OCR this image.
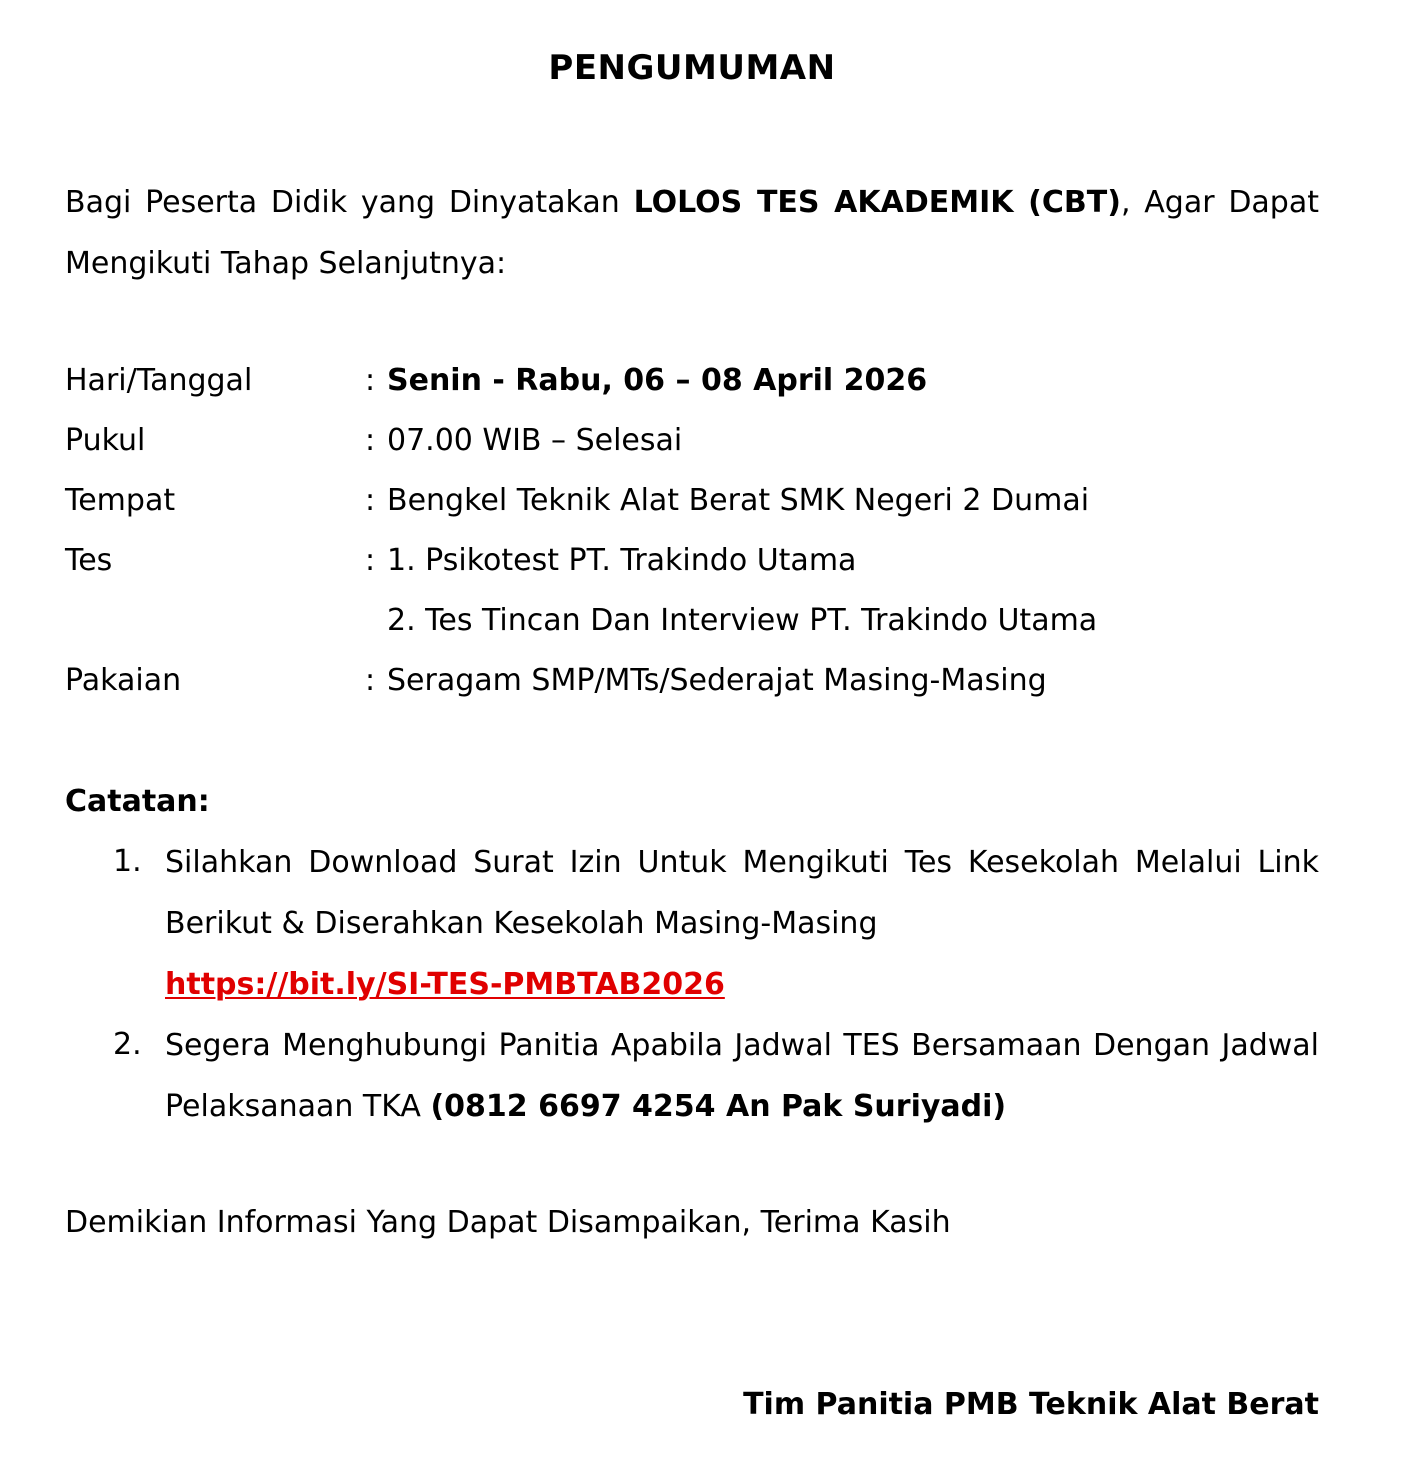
PENGUMUMAN
Bagi Peserta Didik yang Dinyatakan LOLOS TES AKADEMIK (CBT), Agar Dapat
Mengikuti Tahap Selanjutnya:
Hari/Tanggal	: Senin - Rabu, 06 – 08 April 2026
Pukul	: 07.00 WIB – Selesai
Tempat	: Bengkel Teknik Alat Berat SMK Negeri 2 Dumai
Tes	: 1. Psikotest PT. Trakindo Utama
2. Tes Tincan Dan Interview PT. Trakindo Utama
Pakaian	: Seragam SMP/MTs/Sederajat Masing-Masing
Catatan:
1. Silahkan Download Surat Izin Untuk Mengikuti Tes Kesekolah Melalui Link
Berikut & Diserahkan Kesekolah Masing-Masing
https://bit.ly/SI-TES-PMBTAB2026
2. Segera Menghubungi Panitia Apabila Jadwal TES Bersamaan Dengan Jadwal
Pelaksanaan TKA (0812 6697 4254 An Pak Suriyadi)
Demikian Informasi Yang Dapat Disampaikan, Terima Kasih
Tim Panitia PMB Teknik Alat Berat
